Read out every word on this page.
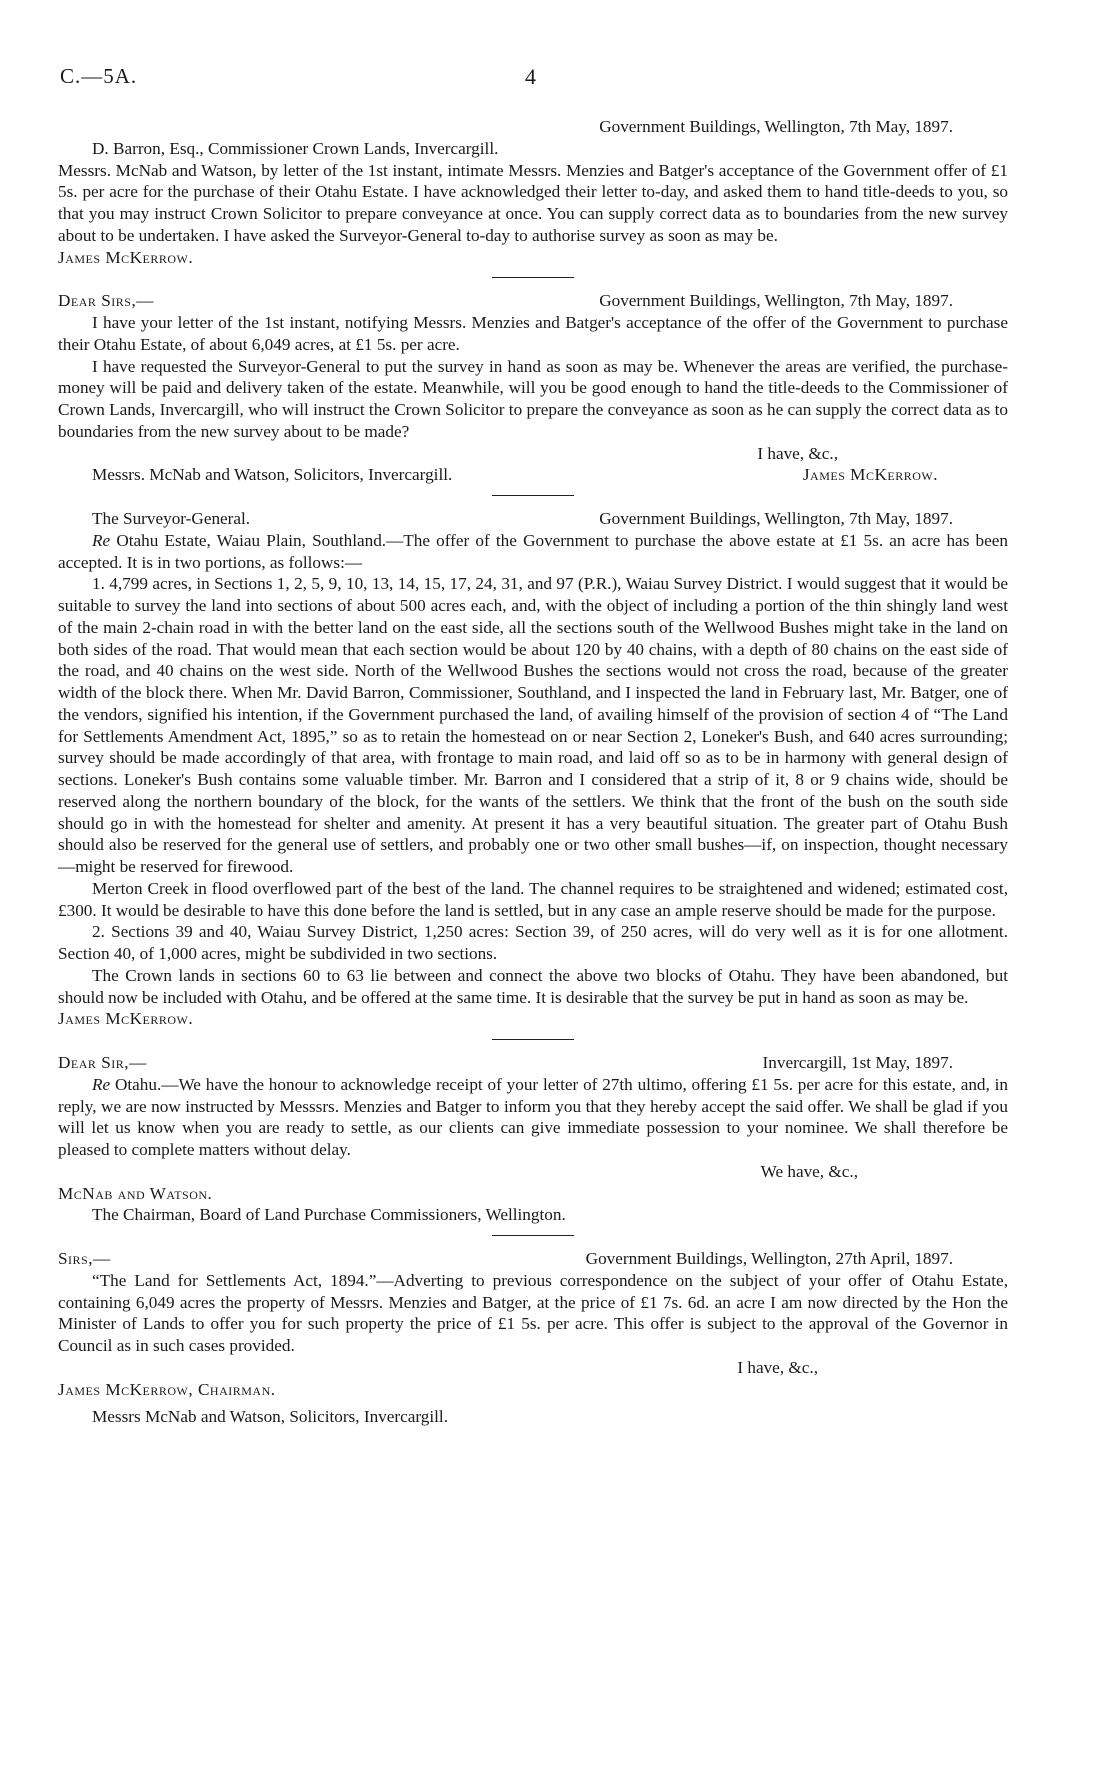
C.—5A.	4

Government Buildings, Wellington, 7th May, 1897.

D. Barron, Esq., Commissioner Crown Lands, Invercargill.

Messrs. McNab and Watson, by letter of the 1st instant, intimate Messrs. Menzies and Batger's acceptance of the Government offer of £1 5s. per acre for the purchase of their Otahu Estate. I have acknowledged their letter to-day, and asked them to hand title-deeds to you, so that you may instruct Crown Solicitor to prepare conveyance at once. You can supply correct data as to boundaries from the new survey about to be undertaken. I have asked the Surveyor-General to-day to authorise survey as soon as may be.

James McKerrow.

Dear Sirs,—	Government Buildings, Wellington, 7th May, 1897.

I have your letter of the 1st instant, notifying Messrs. Menzies and Batger's acceptance of the offer of the Government to purchase their Otahu Estate, of about 6,049 acres, at £1 5s. per acre.

I have requested the Surveyor-General to put the survey in hand as soon as may be. Whenever the areas are verified, the purchase-money will be paid and delivery taken of the estate. Meanwhile, will you be good enough to hand the title-deeds to the Commissioner of Crown Lands, Invercargill, who will instruct the Crown Solicitor to prepare the conveyance as soon as he can supply the correct data as to boundaries from the new survey about to be made?

I have, &c.,

Messrs. McNab and Watson, Solicitors, Invercargill.	James McKerrow.
The Surveyor-General.	Government Buildings, Wellington, 7th May, 1897.

Re Otahu Estate, Waiau Plain, Southland.—The offer of the Government to purchase the above estate at £1 5s. an acre has been accepted. It is in two portions, as follows:—

1. 4,799 acres, in Sections 1, 2, 5, 9, 10, 13, 14, 15, 17, 24, 31, and 97 (P.R.), Waiau Survey District. I would suggest that it would be suitable to survey the land into sections of about 500 acres each, and, with the object of including a portion of the thin shingly land west of the main 2-chain road in with the better land on the east side, all the sections south of the Wellwood Bushes might take in the land on both sides of the road. That would mean that each section would be about 120 by 40 chains, with a depth of 80 chains on the east side of the road, and 40 chains on the west side. North of the Wellwood Bushes the sections would not cross the road, because of the greater width of the block there. When Mr. David Barron, Commissioner, Southland, and I inspected the land in February last, Mr. Batger, one of the vendors, signified his intention, if the Government purchased the land, of availing himself of the provision of section 4 of “The Land for Settlements Amendment Act, 1895,” so as to retain the homestead on or near Section 2, Loneker's Bush, and 640 acres surrounding; survey should be made accordingly of that area, with frontage to main road, and laid off so as to be in harmony with general design of sections. Loneker's Bush contains some valuable timber. Mr. Barron and I considered that a strip of it, 8 or 9 chains wide, should be reserved along the northern boundary of the block, for the wants of the settlers. We think that the front of the bush on the south side should go in with the homestead for shelter and amenity. At present it has a very beautiful situation. The greater part of Otahu Bush should also be reserved for the general use of settlers, and probably one or two other small bushes—if, on inspection, thought necessary—might be reserved for firewood.

Merton Creek in flood overflowed part of the best of the land. The channel requires to be straightened and widened; estimated cost, £300. It would be desirable to have this done before the land is settled, but in any case an ample reserve should be made for the purpose.

2. Sections 39 and 40, Waiau Survey District, 1,250 acres: Section 39, of 250 acres, will do very well as it is for one allotment. Section 40, of 1,000 acres, might be subdivided in two sections.

The Crown lands in sections 60 to 63 lie between and connect the above two blocks of Otahu. They have been abandoned, but should now be included with Otahu, and be offered at the same time. It is desirable that the survey be put in hand as soon as may be.

James McKerrow.

Dear Sir,—	Invercargill, 1st May, 1897.

Re Otahu.—We have the honour to acknowledge receipt of your letter of 27th ultimo, offering £1 5s. per acre for this estate, and, in reply, we are now instructed by Messsrs. Menzies and Batger to inform you that they hereby accept the said offer. We shall be glad if you will let us know when you are ready to settle, as our clients can give immediate possession to your nominee. We shall therefore be pleased to complete matters without delay.

We have, &c.,

McNab and Watson.

The Chairman, Board of Land Purchase Commissioners, Wellington.

Sirs,—	Government Buildings, Wellington, 27th April, 1897.

“The Land for Settlements Act, 1894.”—Adverting to previous correspondence on the subject of your offer of Otahu Estate, containing 6,049 acres the property of Messrs. Menzies and Batger, at the price of £1 7s. 6d. an acre I am now directed by the Hon the Minister of Lands to offer you for such property the price of £1 5s. per acre. This offer is subject to the approval of the Governor in Council as in such cases provided.

I have, &c.,

James McKerrow, Chairman.

Messrs McNab and Watson, Solicitors, Invercargill.
